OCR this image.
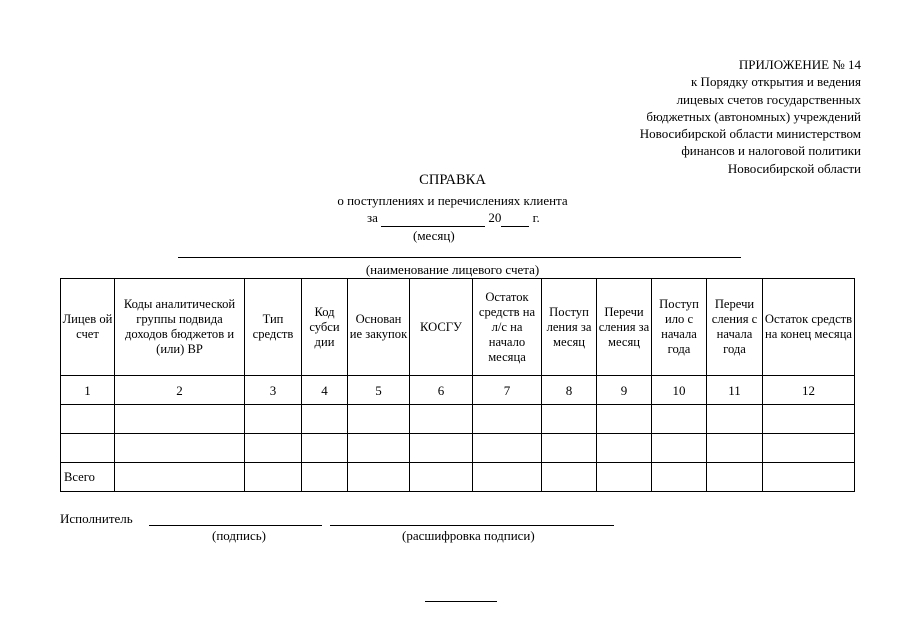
ПРИЛОЖЕНИЕ № 14
к Порядку открытия и ведения
лицевых счетов государственных
бюджетных (автономных) учреждений
Новосибирской области министерством
финансов и налоговой политики
Новосибирской области
СПРАВКА
о поступлениях и перечислениях клиента
за	20 г.
(месяц)
(наименование лицевого счета)
Лицев ой счет	Коды аналитической группы подвида доходов бюджетов и (или) ВР	Тип средств	Код субси дии	Основан ие закупок	КОСГУ	Остаток средств на л/с на начало месяца	Поступ ления за месяц	Перечи сления за месяц	Поступ ило с начала года	Перечи сления с начала года	Остаток средств на конец месяца
1	2	3	4	5	6	7	8	9	10	11	12

Всего											
Исполнитель
(подпись)	(расшифровка подписи)
